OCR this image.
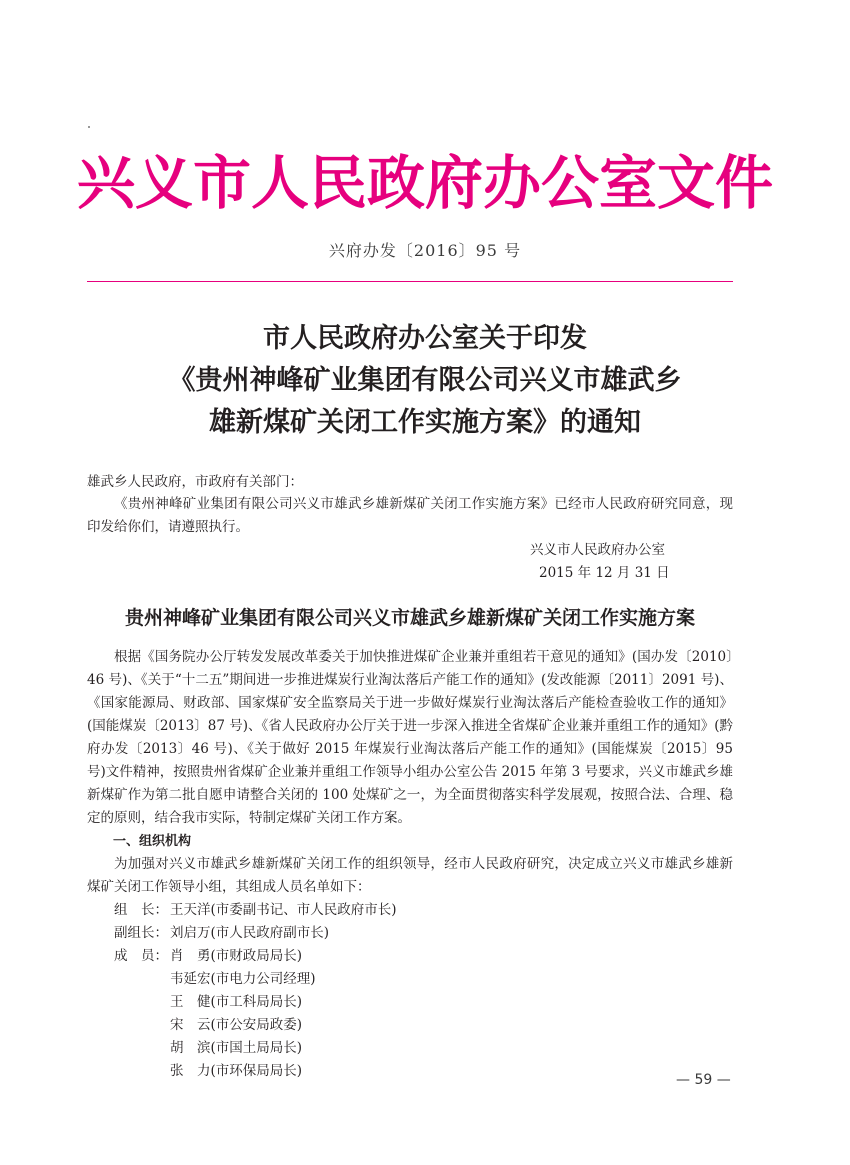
兴义市人民政府办公室文件
兴府办发〔2016〕95 号
市人民政府办公室关于印发
《贵州神峰矿业集团有限公司兴义市雄武乡
雄新煤矿关闭工作实施方案》的通知
雄武乡人民政府，市政府有关部门：
《贵州神峰矿业集团有限公司兴义市雄武乡雄新煤矿关闭工作实施方案》已经市人民政府研究同意，现印发给你们，请遵照执行。
兴义市人民政府办公室
2015 年 12 月 31 日
贵州神峰矿业集团有限公司兴义市雄武乡雄新煤矿关闭工作实施方案
根据《国务院办公厅转发发展改革委关于加快推进煤矿企业兼并重组若干意见的通知》(国办发〔2010〕46 号)、《关于“十二五”期间进一步推进煤炭行业淘汰落后产能工作的通知》(发改能源〔2011〕2091 号)、《国家能源局、财政部、国家煤矿安全监察局关于进一步做好煤炭行业淘汰落后产能检查验收工作的通知》(国能煤炭〔2013〕87 号)、《省人民政府办公厅关于进一步深入推进全省煤矿企业兼并重组工作的通知》(黔府办发〔2013〕46 号)、《关于做好 2015 年煤炭行业淘汰落后产能工作的通知》(国能煤炭〔2015〕95 号)文件精神，按照贵州省煤矿企业兼并重组工作领导小组办公室公告 2015 年第 3 号要求，兴义市雄武乡雄新煤矿作为第二批自愿申请整合关闭的 100 处煤矿之一，为全面贯彻落实科学发展观，按照合法、合理、稳定的原则，结合我市实际，特制定煤矿关闭工作方案。
一、组织机构
为加强对兴义市雄武乡雄新煤矿关闭工作的组织领导，经市人民政府研究，决定成立兴义市雄武乡雄新煤矿关闭工作领导小组，其组成人员名单如下：
组　长： 王天洋(市委副书记、市人民政府市长)
副组长： 刘启万(市人民政府副市长)
成　员： 肖　勇(市财政局局长)
韦延宏(市电力公司经理)
王　健(市工科局局长)
宋　云(市公安局政委)
胡　滨(市国土局局长)
张　力(市环保局局长)
— 59 —
